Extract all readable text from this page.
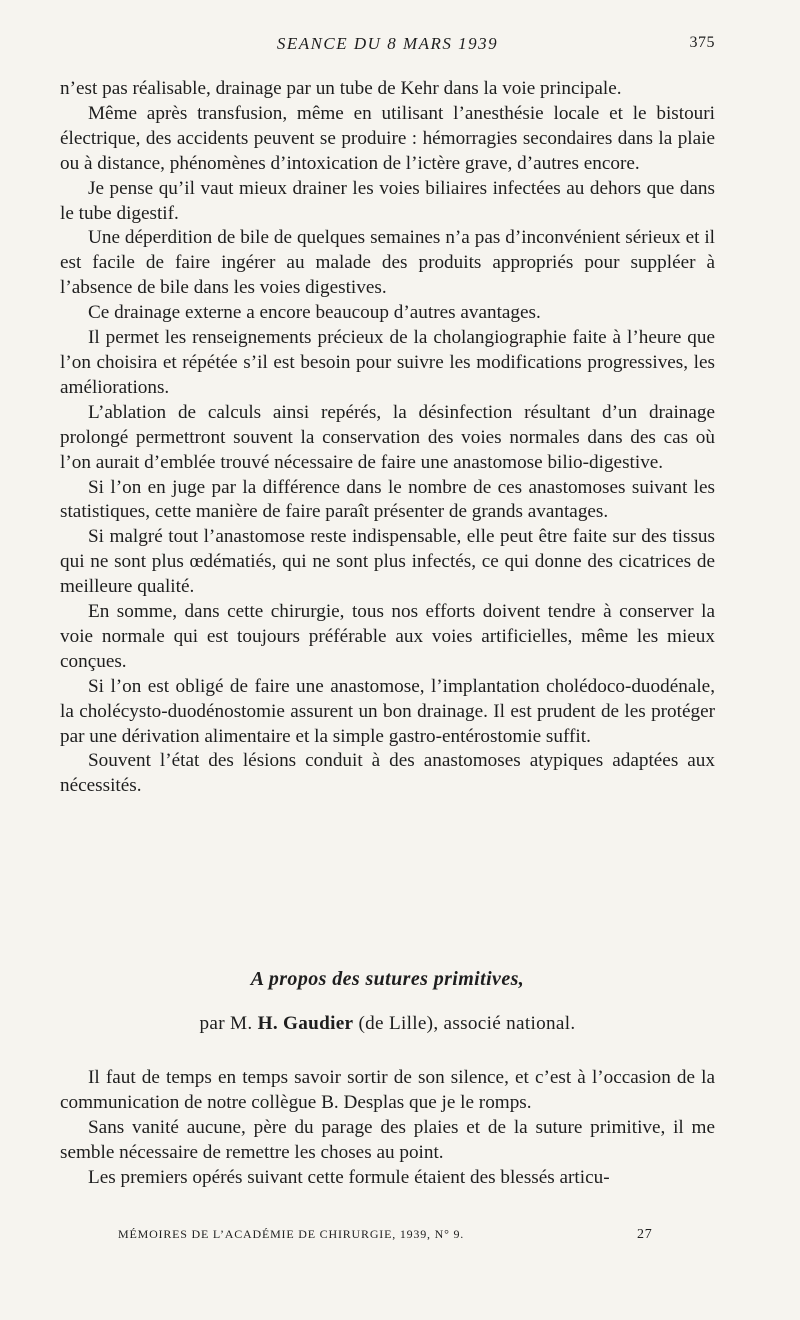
SEANCE DU 8 MARS 1939	375

n’est pas réalisable, drainage par un tube de Kehr dans la voie principale.

Même après transfusion, même en utilisant l’anesthésie locale et le bistouri électrique, des accidents peuvent se produire : hémorragies secondaires dans la plaie ou à distance, phénomènes d’intoxication de l’ictère grave, d’autres encore.

Je pense qu’il vaut mieux drainer les voies biliaires infectées au dehors que dans le tube digestif.

Une déperdition de bile de quelques semaines n’a pas d’inconvénient sérieux et il est facile de faire ingérer au malade des produits appropriés pour suppléer à l’absence de bile dans les voies digestives.

Ce drainage externe a encore beaucoup d’autres avantages.

Il permet les renseignements précieux de la cholangiographie faite à l’heure que l’on choisira et répétée s’il est besoin pour suivre les modifications progressives, les améliorations.

L’ablation de calculs ainsi repérés, la désinfection résultant d’un drainage prolongé permettront souvent la conservation des voies normales dans des cas où l’on aurait d’emblée trouvé nécessaire de faire une anastomose bilio-digestive.

Si l’on en juge par la différence dans le nombre de ces anastomoses suivant les statistiques, cette manière de faire paraît présenter de grands avantages.

Si malgré tout l’anastomose reste indispensable, elle peut être faite sur des tissus qui ne sont plus œdématiés, qui ne sont plus infectés, ce qui donne des cicatrices de meilleure qualité.

En somme, dans cette chirurgie, tous nos efforts doivent tendre à conserver la voie normale qui est toujours préférable aux voies artificielles, même les mieux conçues.

Si l’on est obligé de faire une anastomose, l’implantation cholédoco-duodénale, la cholécysto-duodénostomie assurent un bon drainage. Il est prudent de les protéger par une dérivation alimentaire et la simple gastro-entérostomie suffit.

Souvent l’état des lésions conduit à des anastomoses atypiques adaptées aux nécessités.

A propos des sutures primitives,
par M. H. Gaudier (de Lille), associé national.

Il faut de temps en temps savoir sortir de son silence, et c’est à l’occasion de la communication de notre collègue B. Desplas que je le romps.

Sans vanité aucune, père du parage des plaies et de la suture primitive, il me semble nécessaire de remettre les choses au point.

Les premiers opérés suivant cette formule étaient des blessés articu-

MÉMOIRES DE L’ACADÉMIE DE CHIRURGIE, 1939, N° 9.	27
